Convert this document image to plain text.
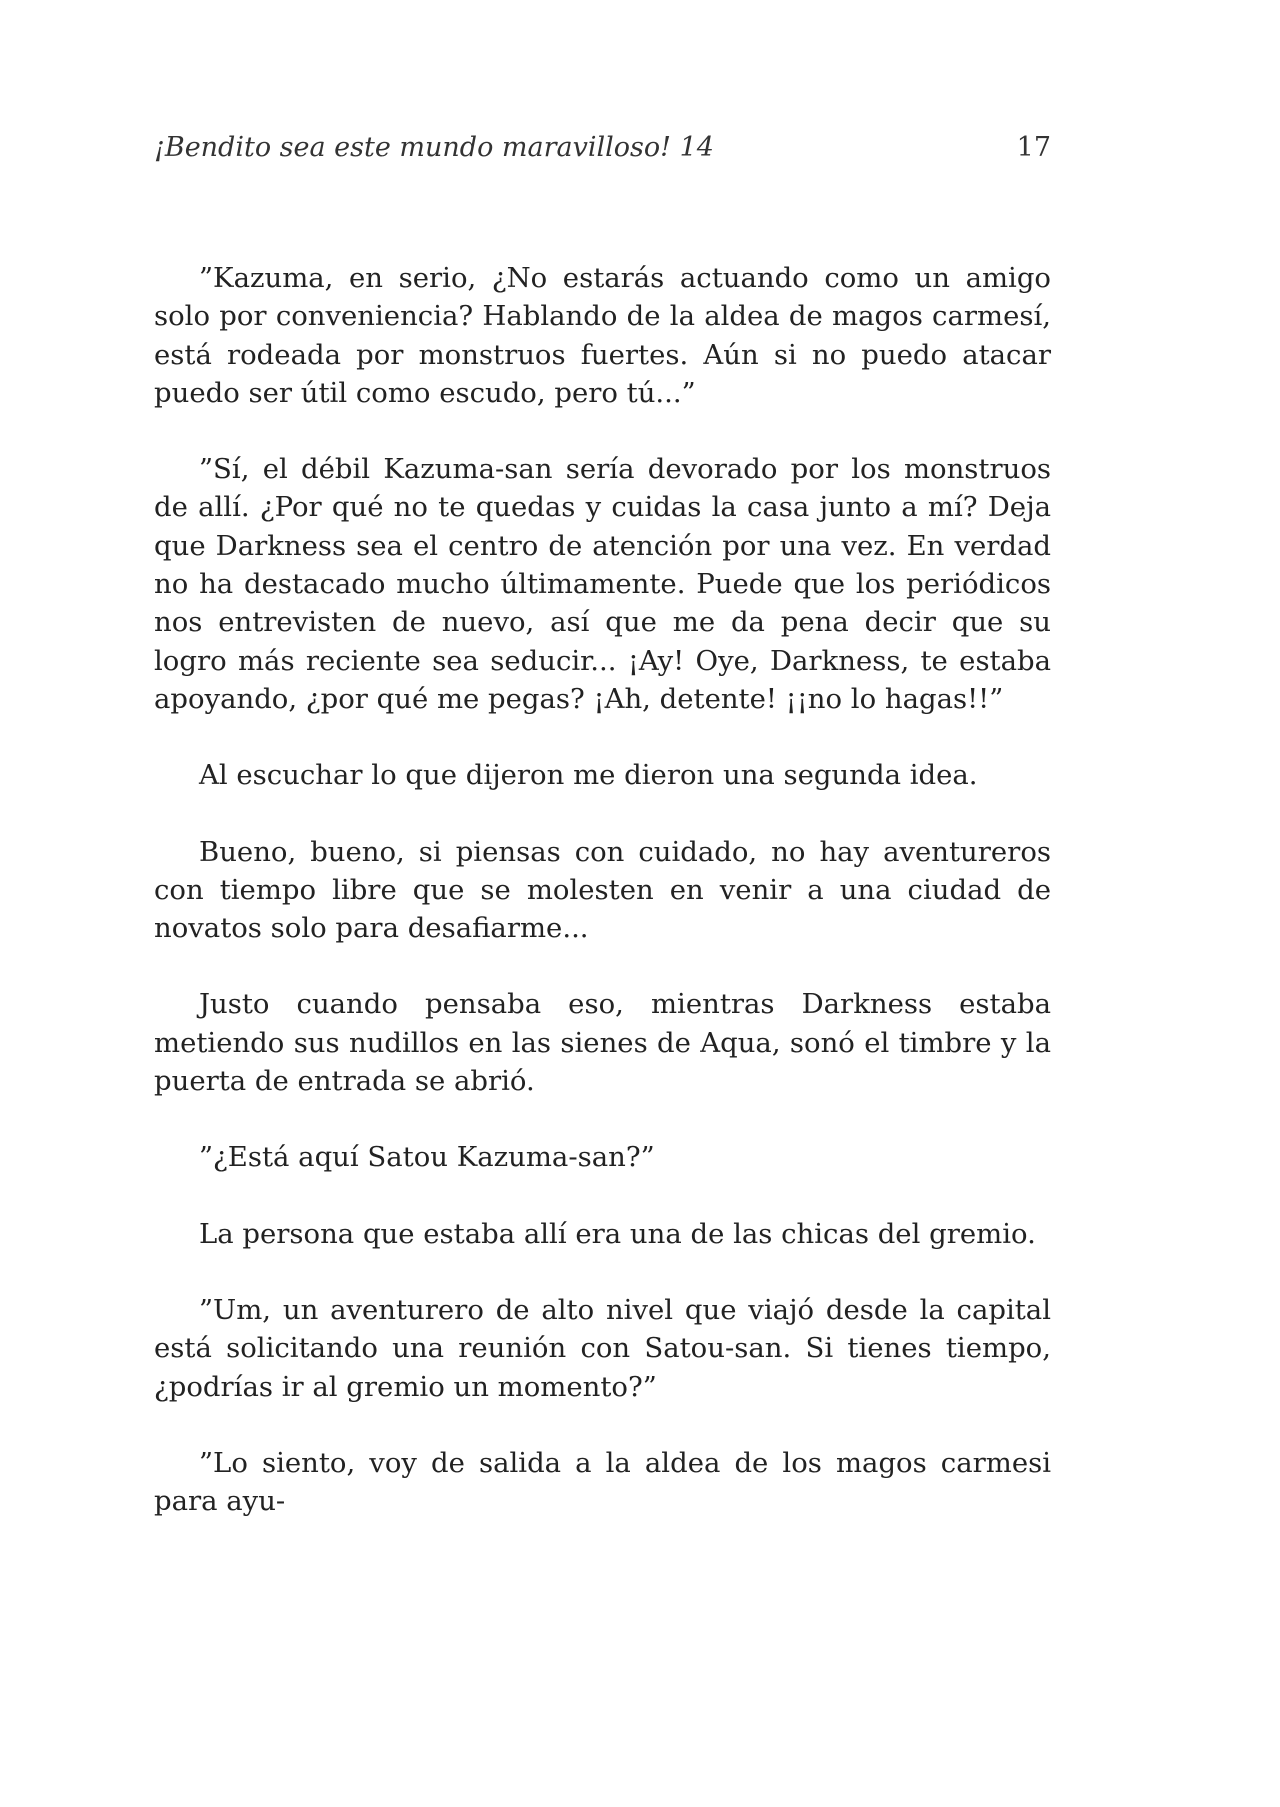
¡Bendito sea este mundo maravilloso! 14	17

”Kazuma, en serio, ¿No estarás actuando como un amigo solo por conveniencia? Hablando de la aldea de magos carmesí, está rodeada por monstruos fuertes. Aún si no puedo atacar puedo ser útil como escudo, pero tú...”

”Sí, el débil Kazuma-san sería devorado por los monstruos de allí. ¿Por qué no te quedas y cuidas la casa junto a mí? Deja que Darkness sea el centro de atención por una vez. En verdad no ha destacado mucho últimamente. Puede que los periódicos nos entrevisten de nuevo, así que me da pena decir que su logro más reciente sea seducir... ¡Ay! Oye, Darkness, te estaba apoyando, ¿por qué me pegas? ¡Ah, detente! ¡¡no lo hagas!!”

Al escuchar lo que dijeron me dieron una segunda idea.

Bueno, bueno, si piensas con cuidado, no hay aventureros con tiempo libre que se molesten en venir a una ciudad de novatos solo para desafiarme...

Justo cuando pensaba eso, mientras Darkness estaba metiendo sus nudillos en las sienes de Aqua, sonó el timbre y la puerta de entrada se abrió.

”¿Está aquí Satou Kazuma-san?”

La persona que estaba allí era una de las chicas del gremio.

”Um, un aventurero de alto nivel que viajó desde la capital está solicitando una reunión con Satou-san. Si tienes tiempo, ¿podrías ir al gremio un momento?”

”Lo siento, voy de salida a la aldea de los magos carmesi para ayu-
